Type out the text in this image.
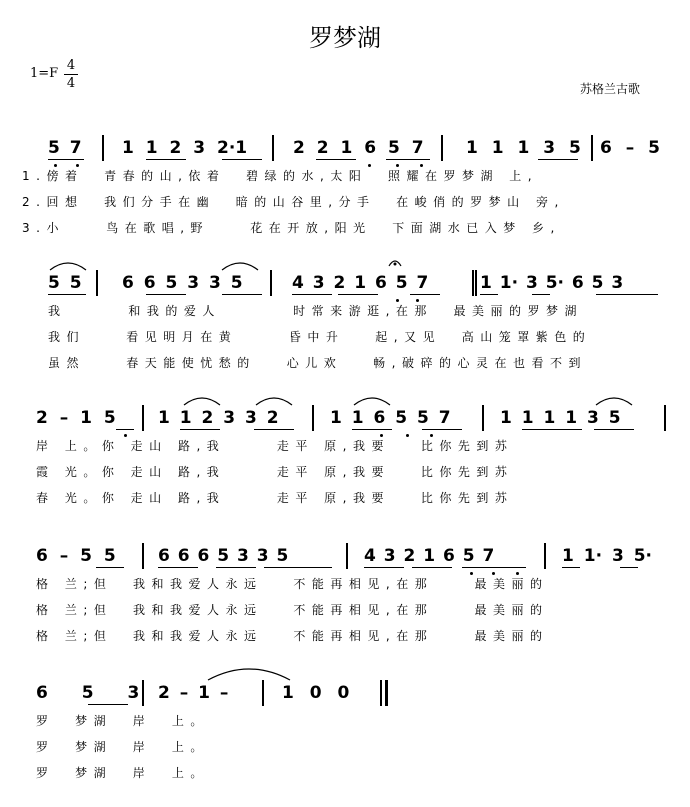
罗梦湖
1=F
4
4	苏格兰古歌
5 7 1 1 2 3 2·1	2 2 1 6 5 7 1 1 1 3 5 6 – 5
1.傍着  青春的山,依着  碧绿的水,太阳  照耀在罗梦湖 上,
2.回想  我们分手在幽  暗的山谷里,分手  在峻俏的罗梦山 旁,
3.小    鸟在歌唱,野    花在开放,阳光  下面湖水已入梦 乡,
5 5 6 6 5 3 3 5	4 3 2 1 6 5 7	1 1· 3 5· 6 5 3
我      和我的爱人       时常来游逛,在那  最美丽的罗梦湖
我们    看见明月在黄     昏中升   起,又见  高山笼罩紫色的
虽然    春天能使忧愁的   心儿欢   畅,破碎的心灵在也看不到
2 – 1 5 1 1 2 3 3 2	1 1 6 5 5 7	1 1 1 1 3 5
岸 上。你 走山 路,我     走平 原,我要   比你先到苏
霞 光。你 走山 路,我     走平 原,我要   比你先到苏
春 光。你 走山 路,我     走平 原,我要   比你先到苏
6 – 5 5 6 6 6 5 3 3 5	4 3 2 1 6 5 7	1 1· 3 5·
格 兰;但  我和我爱人永远   不能再相见,在那    最美丽的
格 兰;但  我和我爱人永远   不能再相见,在那    最美丽的
格 兰;但  我和我爱人永远   不能再相见,在那    最美丽的
6 5 3 2 – 1 –	1 0 0
罗  梦湖  岸  上。
罗  梦湖  岸  上。
罗  梦湖  岸  上。
